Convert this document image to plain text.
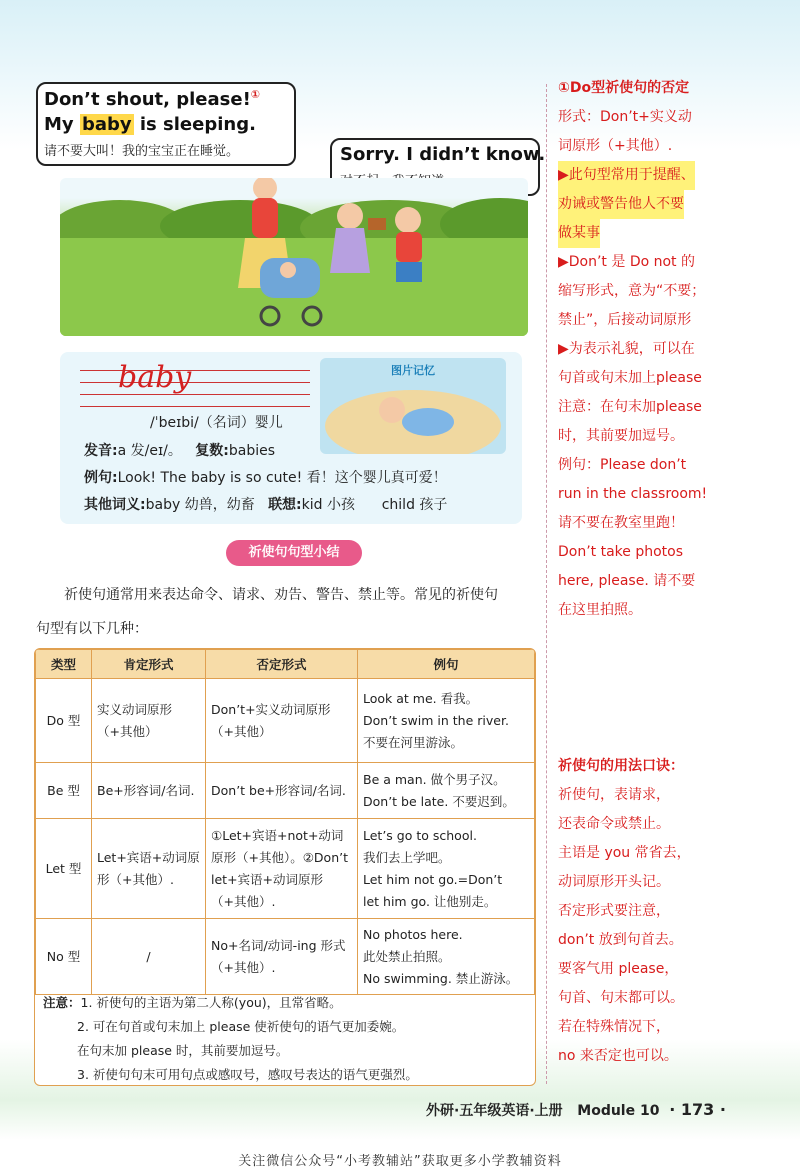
Don’t shout, please!①
My baby is sleeping.
请不要大叫！我的宝宝正在睡觉。	Sorry. I didn’t know.
baby	图片记忆
/ˈbeɪbi/（名词）婴儿
发音:a 发/eɪ/。 复数:babies
例句:Look! The baby is so cute! 看！这个婴儿真可爱！
其他词义:baby 幼兽，幼畜 联想:kid 小孩 child 孩子
祈使句句型小结
祈使句通常用来表达命令、请求、劝告、警告、禁止等。常见的祈使句
句型有以下几种：
类型	肯定形式	否定形式	例句
Do 型	实义动词原形（+其他）	Don’t+实义动词原形（+其他）	Look at me. 看我。
Don’t swim in the river.
不要在河里游泳。

Be 型	Be+形容词/名词.	Don’t be+形容词/名词.	Be a man. 做个男子汉。
Don’t be late. 不要迟到。

Let 型	Let+宾语+动词原形（+其他）.	①Let+宾语+not+动词原形（+其他）。②Don’t let+宾语+动词原形（+其他）.	Let’s go to school.
我们去上学吧。
Let him not go.=Don’t
let him go. 让他别走。

No 型	/	No+名词/动词-ing 形式（+其他）.	No photos here.
此处禁止拍照。
No swimming. 禁止游泳。
注意：1. 祈使句的主语为第二人称(you)，且常省略。
2. 可在句首或句末加上 please 使祈使句的语气更加委婉。
在句末加 please 时，其前要加逗号。
3. 祈使句句末可用句点或感叹号，感叹号表达的语气更强烈。
①Do型祈使句的否定
形式：Don’t+实义动
词原形（+其他）.
▶此句型常用于提醒、
劝诫或警告他人不要
做某事
▶Don’t 是 Do not 的
缩写形式，意为“不要；
禁止”，后接动词原形
▶为表示礼貌，可以在
句首或句末加上please
注意：在句末加please
时，其前要加逗号。
例句：Please don’t
run in the classroom!
请不要在教室里跑！
Don’t take photos
here, please. 请不要
在这里拍照。
祈使句的用法口诀：
祈使句，表请求，
还表命令或禁止。
主语是 you 常省去，
动词原形开头记。
否定形式要注意，
don’t 放到句首去。
要客气用 please，
句首、句末都可以。
若在特殊情况下，
no 来否定也可以。
外研·五年级英语·上册 Module 10 · 173 ·
关注微信公众号“小考教辅站”获取更多小学教辅资料
